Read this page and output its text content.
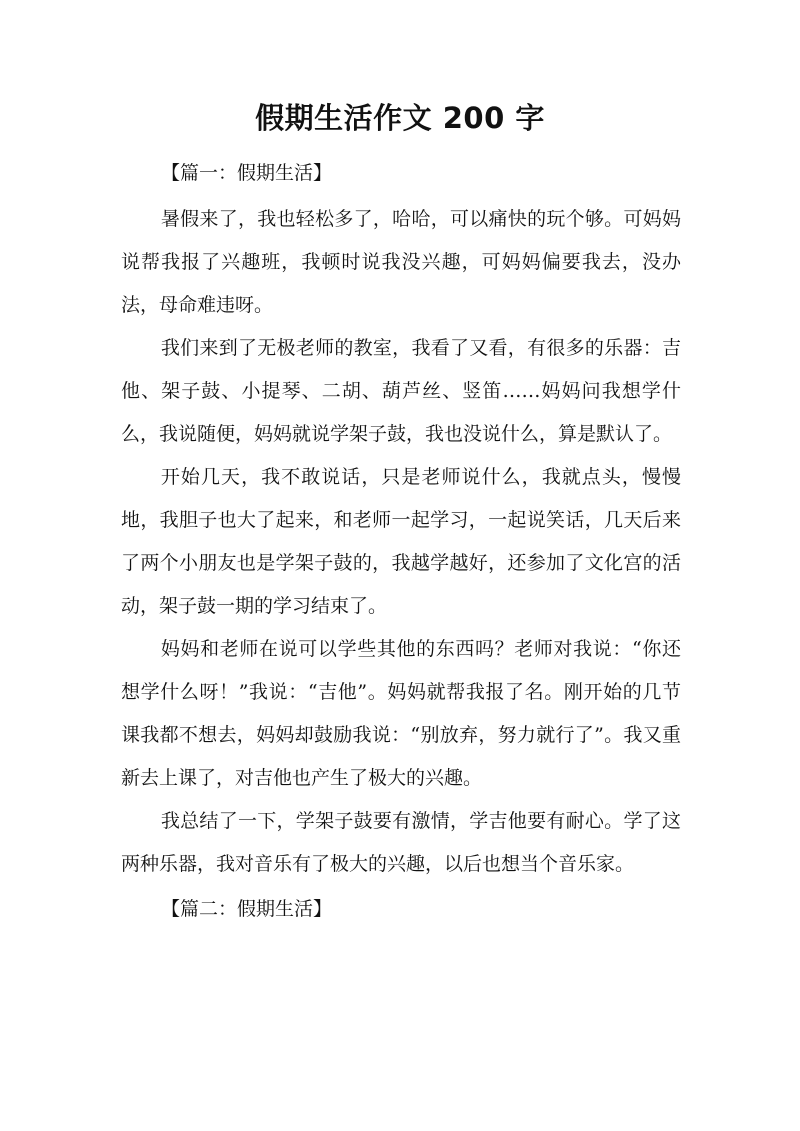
假期生活作文 200 字

【篇一：假期生活】

暑假来了，我也轻松多了，哈哈，可以痛快的玩个够。可妈妈说帮我报了兴趣班，我顿时说我没兴趣，可妈妈偏要我去，没办法，母命难违呀。

我们来到了无极老师的教室，我看了又看，有很多的乐器：吉他、架子鼓、小提琴、二胡、葫芦丝、竖笛……妈妈问我想学什么，我说随便，妈妈就说学架子鼓，我也没说什么，算是默认了。

开始几天，我不敢说话，只是老师说什么，我就点头，慢慢地，我胆子也大了起来，和老师一起学习，一起说笑话，几天后来了两个小朋友也是学架子鼓的，我越学越好，还参加了文化宫的活动，架子鼓一期的学习结束了。

妈妈和老师在说可以学些其他的东西吗？老师对我说：“你还想学什么呀！”我说：“吉他”。妈妈就帮我报了名。刚开始的几节课我都不想去，妈妈却鼓励我说：“别放弃，努力就行了”。我又重新去上课了，对吉他也产生了极大的兴趣。

我总结了一下，学架子鼓要有激情，学吉他要有耐心。学了这两种乐器，我对音乐有了极大的兴趣，以后也想当个音乐家。

【篇二：假期生活】
